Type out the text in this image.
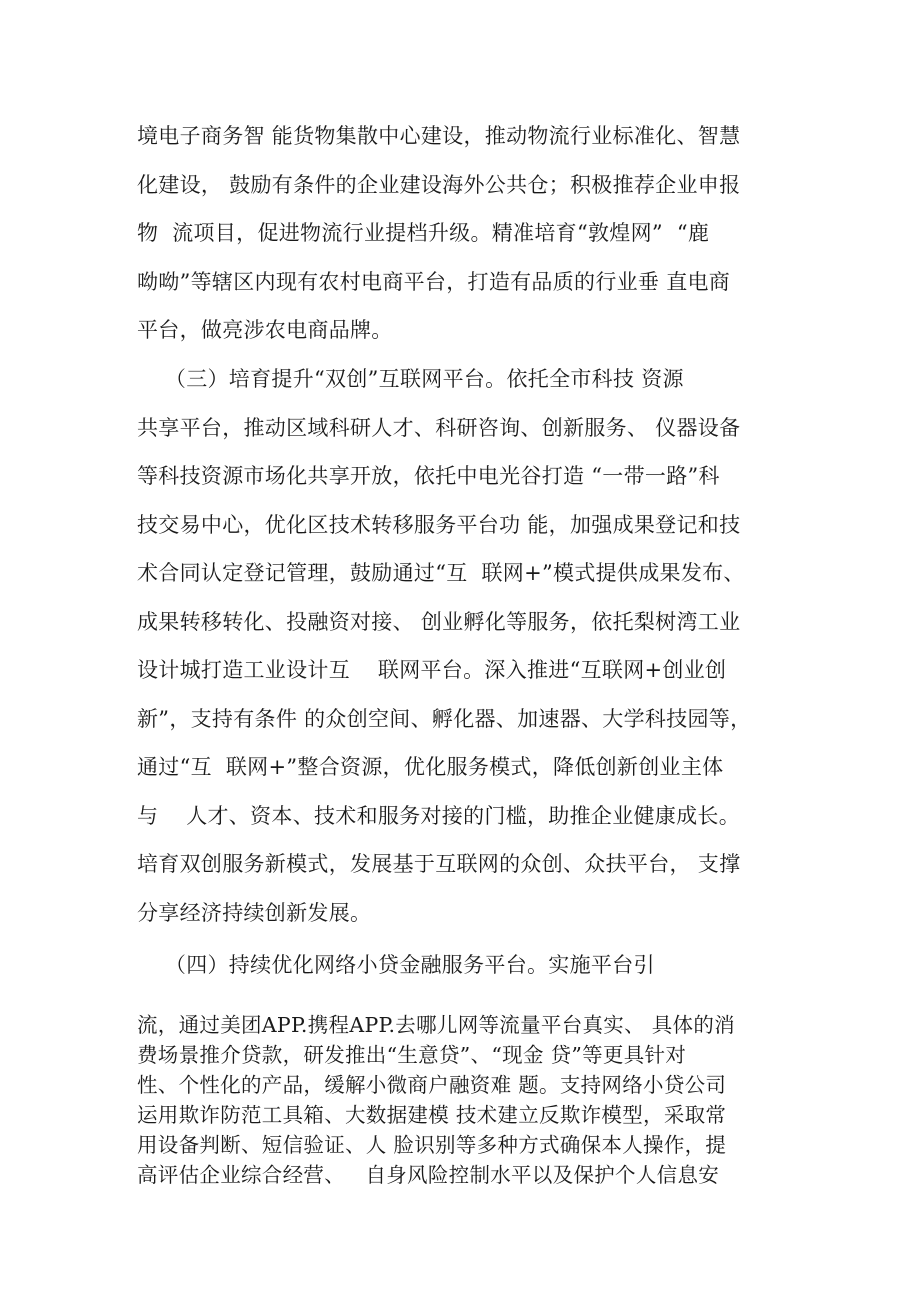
境电子商务智 能货物集散中心建设，推动物流行业标准化、智慧
化建设， 鼓励有条件的企业建设海外公共仓；积极推荐企业申报
物  流项目，促进物流行业提档升级。精准培育“敦煌网”  “鹿
呦呦”等辖区内现有农村电商平台，打造有品质的行业垂 直电商
平台，做亮涉农电商品牌。
（三）培育提升“双创”互联网平台。依托全市科技 资源
共享平台，推动区域科研人才、科研咨询、创新服务、 仪器设备
等科技资源市场化共享开放，依托中电光谷打造 “一带一路”科
技交易中心，优化区技术转移服务平台功 能，加强成果登记和技
术合同认定登记管理，鼓励通过“互  联网+”模式提供成果发布、
成果转移转化、投融资对接、 创业孵化等服务，依托梨树湾工业
设计城打造工业设计互    联网平台。深入推进“互联网+创业创
新”，支持有条件 的众创空间、孵化器、加速器、大学科技园等，
通过“互  联网+”整合资源，优化服务模式，降低创新创业主体
与    人才、资本、技术和服务对接的门槛，助推企业健康成长。
培育双创服务新模式，发展基于互联网的众创、众扶平台， 支撑
分享经济持续创新发展。
（四）持续优化网络小贷金融服务平台。实施平台引
流，通过美团APP.携程APP.去哪儿网等流量平台真实、 具体的消
费场景推介贷款，研发推出“生意贷”、“现金 贷”等更具针对
性、个性化的产品，缓解小微商户融资难 题。支持网络小贷公司
运用欺诈防范工具箱、大数据建模 技术建立反欺诈模型，采取常
用设备判断、短信验证、人 脸识别等多种方式确保本人操作，提
高评估企业综合经营、   自身风险控制水平以及保护个人信息安
